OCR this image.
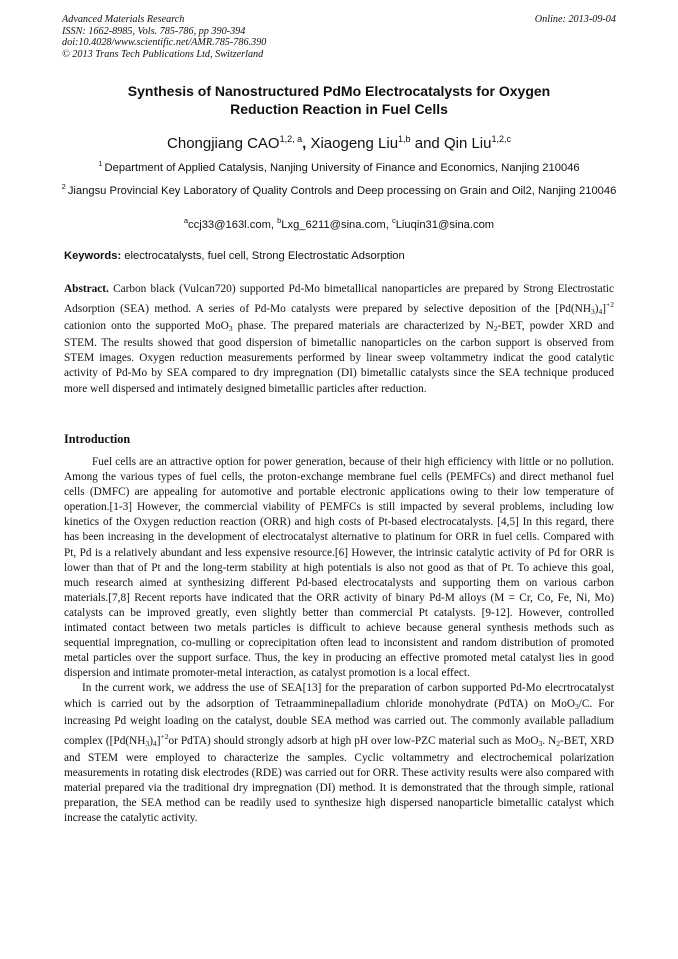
Advanced Materials Research
ISSN: 1662-8985, Vols. 785-786, pp 390-394
doi:10.4028/www.scientific.net/AMR.785-786.390
© 2013 Trans Tech Publications Ltd, Switzerland
Online: 2013-09-04
Synthesis of Nanostructured PdMo Electrocatalysts for Oxygen
Reduction Reaction in Fuel Cells
Chongjiang CAO$^{1,2, a}$, Xiaogeng Liu$^{1,b}$ and Qin Liu$^{1,2,c}$
$^1$ Department of Applied Catalysis, Nanjing University of Finance and Economics, Nanjing 210046
$^2$ Jiangsu Provincial Key Laboratory of Quality Controls and Deep processing on Grain and Oil2, Nanjing 210046
$^a$ccj33@163l.com, $^b$Lxg_6211@sina.com, $^c$Liuqin31@sina.com
Keywords: electrocatalysts, fuel cell, Strong Electrostatic Adsorption
Abstract. Carbon black (Vulcan720) supported Pd-Mo bimetallical nanoparticles are prepared by Strong Electrostatic Adsorption (SEA) method. A series of Pd-Mo catalysts were prepared by selective deposition of the $[Pd(NH_3)_4]^{+2}$ cationion onto the supported MoO$_3$ phase. The prepared materials are characterized by $N_2$-BET, powder XRD and STEM. The results showed that good dispersion of bimetallic nanoparticles on the carbon support is observed from STEM images. Oxygen reduction measurements performed by linear sweep voltammetry indicat the good catalytic activity of Pd-Mo by SEA compared to dry impregnation (DI) bimetallic catalysts since the SEA technique produced more well dispersed and intimately designed bimetallic particles after reduction.
Introduction

Fuel cells are an attractive option for power generation, because of their high efficiency with little or no pollution. Among the various types of fuel cells, the proton-exchange membrane fuel cells (PEMFCs) and direct methanol fuel cells (DMFC) are appealing for automotive and portable electronic applications owing to their low temperature of operation.[1-3] However, the commercial viability of PEMFCs is still impacted by several problems, including low kinetics of the Oxygen reduction reaction (ORR) and high costs of Pt-based electrocatalysts. [4,5] In this regard, there has been increasing in the development of electrocatalyst alternative to platinum for ORR in fuel cells. Compared with Pt, Pd is a relatively abundant and less expensive resource.[6] However, the intrinsic catalytic activity of Pd for ORR is lower than that of Pt and the long-term stability at high potentials is also not good as that of Pt. To achieve this goal, much research aimed at synthesizing different Pd-based electrocatalysts and supporting them on various carbon materials.[7,8] Recent reports have indicated that the ORR activity of binary Pd-M alloys (M = Cr, Co, Fe, Ni, Mo) catalysts can be improved greatly, even slightly better than commercial Pt catalysts. [9-12]. However, controlled intimated contact between two metals particles is difficult to achieve because general synthesis methods such as sequential impregnation, co-mulling or coprecipitation often lead to inconsistent and random distribution of promoted metal particles over the support surface. Thus, the key in producing an effective promoted metal catalyst lies in good dispersion and intimate promoter-metal interaction, as catalyst promotion is a local effect.

In the current work, we address the use of SEA[13] for the preparation of carbon supported Pd-Mo elecrtrocatalyst which is carried out by the adsorption of Tetraamminepalladium chloride monohydrate (PdTA) on MoO$_3$/C. For increasing Pd weight loading on the catalyst, double SEA method was carried out. The commonly available palladium complex ($[Pd(NH_3)_4]^{+2}or$ PdTA) should strongly adsorb at high pH over low-PZC material such as MoO$_3$. $N_2$-BET, XRD and STEM were employed to characterize the samples. Cyclic voltammetry and electrochemical polarization measurements in rotating disk electrodes (RDE) was carried out for ORR. These activity results were also compared with material prepared via the traditional dry impregnation (DI) method. It is demonstrated that the through simple, rational preparation, the SEA method can be readily used to synthesize high dispersed nanoparticle bimetallic catalyst which increase the catalytic activity.
